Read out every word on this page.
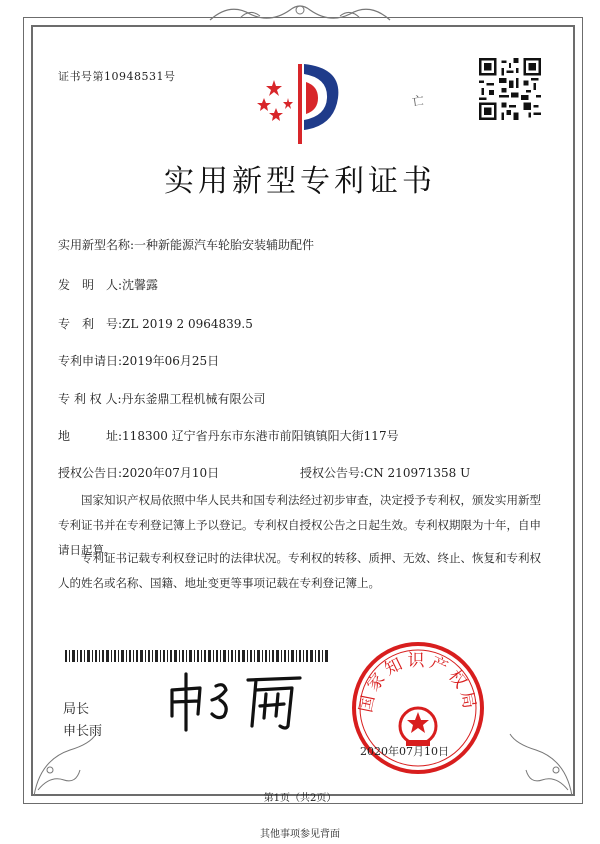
证书号第10948531号
亡
实用新型专利证书
实用新型名称:一种新能源汽车轮胎安装辅助配件
发　明　人:沈馨露
专　利　号:ZL 2019 2 0964839.5
专利申请日:2019年06月25日
专 利 权 人:丹东釜鼎工程机械有限公司
地　　　址:118300 辽宁省丹东市东港市前阳镇镇阳大街117号
授权公告日:2020年07月10日	授权公告号:CN 210971358 U
国家知识产权局依照中华人民共和国专利法经过初步审查，决定授予专利权，颁发实用新型专利证书并在专利登记簿上予以登记。专利权自授权公告之日起生效。专利权期限为十年，自申请日起算。
专利证书记载专利权登记时的法律状况。专利权的转移、质押、无效、终止、恢复和专利权人的姓名或名称、国籍、地址变更等事项记载在专利登记簿上。
局长
申长雨
国家知识产权局
2020年07月10日
第1页（共2页）
其他事项参见背面
